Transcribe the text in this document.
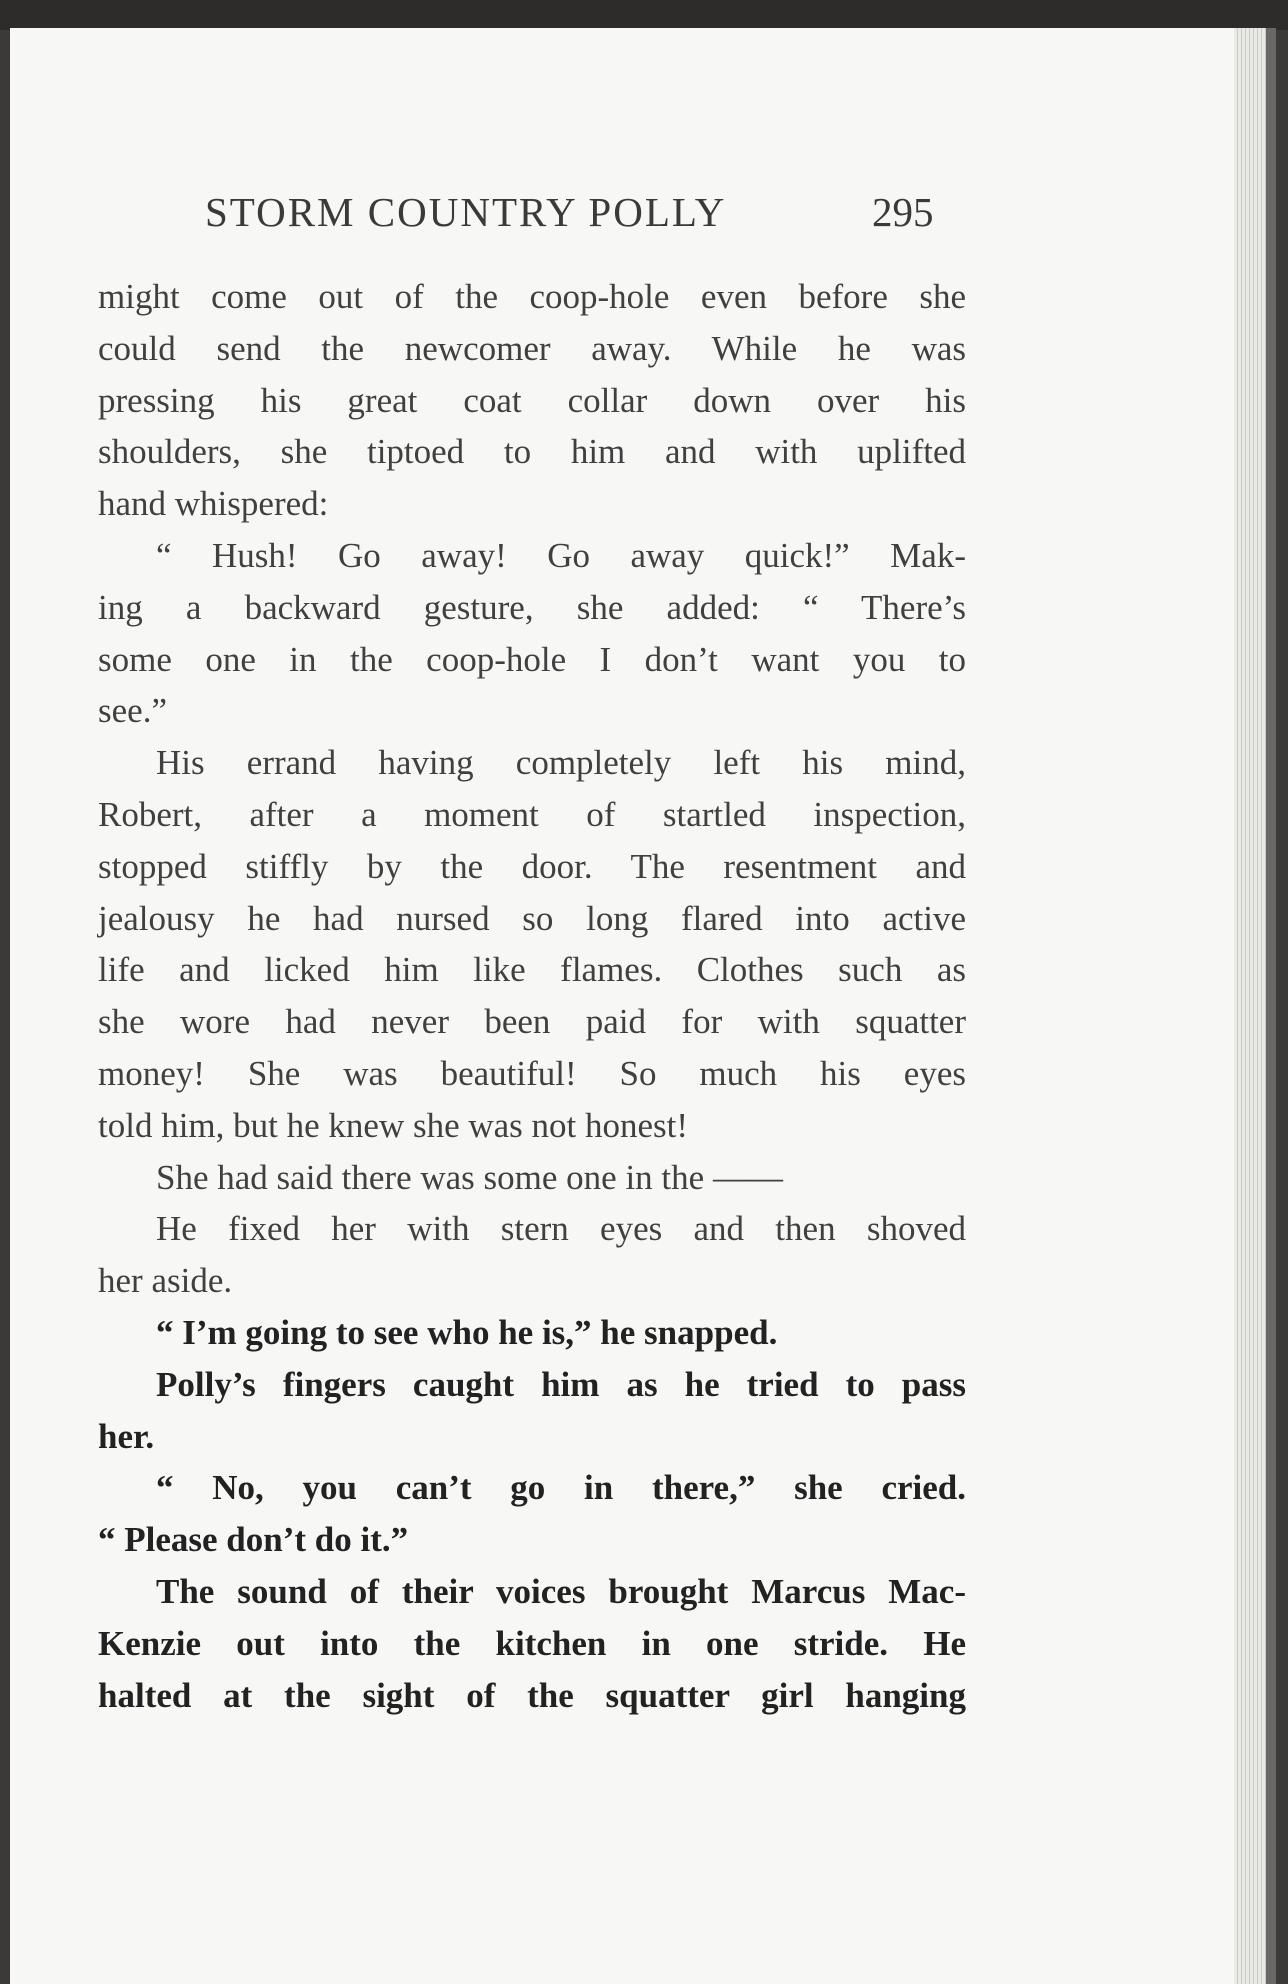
STORM COUNTRY POLLY	295
might come out of the coop-hole even before she
could send the newcomer away. While he was
pressing his great coat collar down over his
shoulders, she tiptoed to him and with uplifted
hand whispered:
“ Hush! Go away! Go away quick!” Mak-
ing a backward gesture, she added: “ There’s
some one in the coop-hole I don’t want you to
see.”
His errand having completely left his mind,
Robert, after a moment of startled inspection,
stopped stiffly by the door. The resentment and
jealousy he had nursed so long flared into active
life and licked him like flames. Clothes such as
she wore had never been paid for with squatter
money! She was beautiful! So much his eyes
told him, but he knew she was not honest!
She had said there was some one in the ——
He fixed her with stern eyes and then shoved
her aside.
“ I’m going to see who he is,” he snapped.
Polly’s fingers caught him as he tried to pass
her.
“ No, you can’t go in there,” she cried.
“ Please don’t do it.”
The sound of their voices brought Marcus Mac-
Kenzie out into the kitchen in one stride. He
halted at the sight of the squatter girl hanging
